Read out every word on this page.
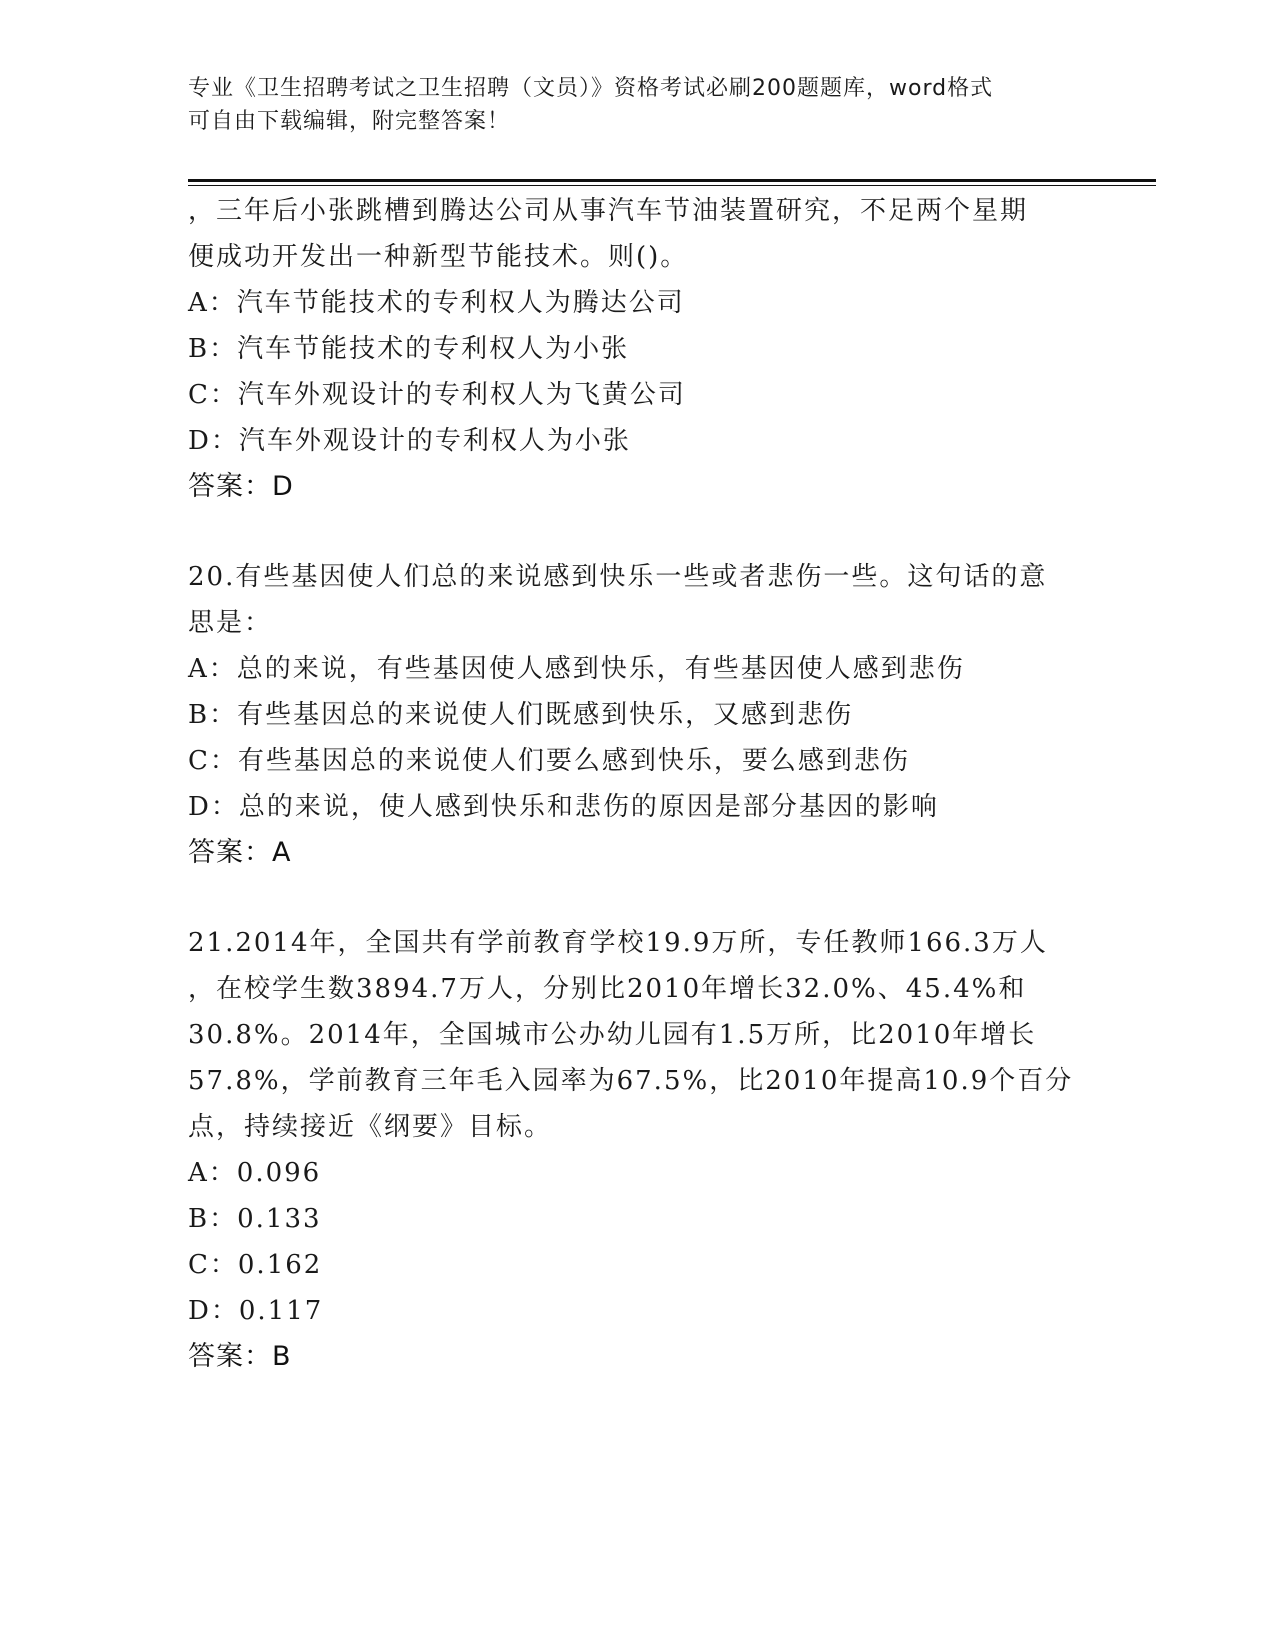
专业《卫生招聘考试之卫生招聘（文员）》资格考试必刷200题题库，word格式
可自由下载编辑，附完整答案！
，三年后小张跳槽到腾达公司从事汽车节油装置研究，不足两个星期
便成功开发出一种新型节能技术。则()。
A：汽车节能技术的专利权人为腾达公司
B：汽车节能技术的专利权人为小张
C：汽车外观设计的专利权人为飞黄公司
D：汽车外观设计的专利权人为小张
答案：D
20.有些基因使人们总的来说感到快乐一些或者悲伤一些。这句话的意
思是：
A：总的来说，有些基因使人感到快乐，有些基因使人感到悲伤
B：有些基因总的来说使人们既感到快乐，又感到悲伤
C：有些基因总的来说使人们要么感到快乐，要么感到悲伤
D：总的来说，使人感到快乐和悲伤的原因是部分基因的影响
答案：A
21.2014年，全国共有学前教育学校19.9万所，专任教师166.3万人
，在校学生数3894.7万人，分别比2010年增长32.0%、45.4%和
30.8%。2014年，全国城市公办幼儿园有1.5万所，比2010年增长
57.8%，学前教育三年毛入园率为67.5%，比2010年提高10.9个百分
点，持续接近《纲要》目标。
A：0.096
B：0.133
C：0.162
D：0.117
答案：B
